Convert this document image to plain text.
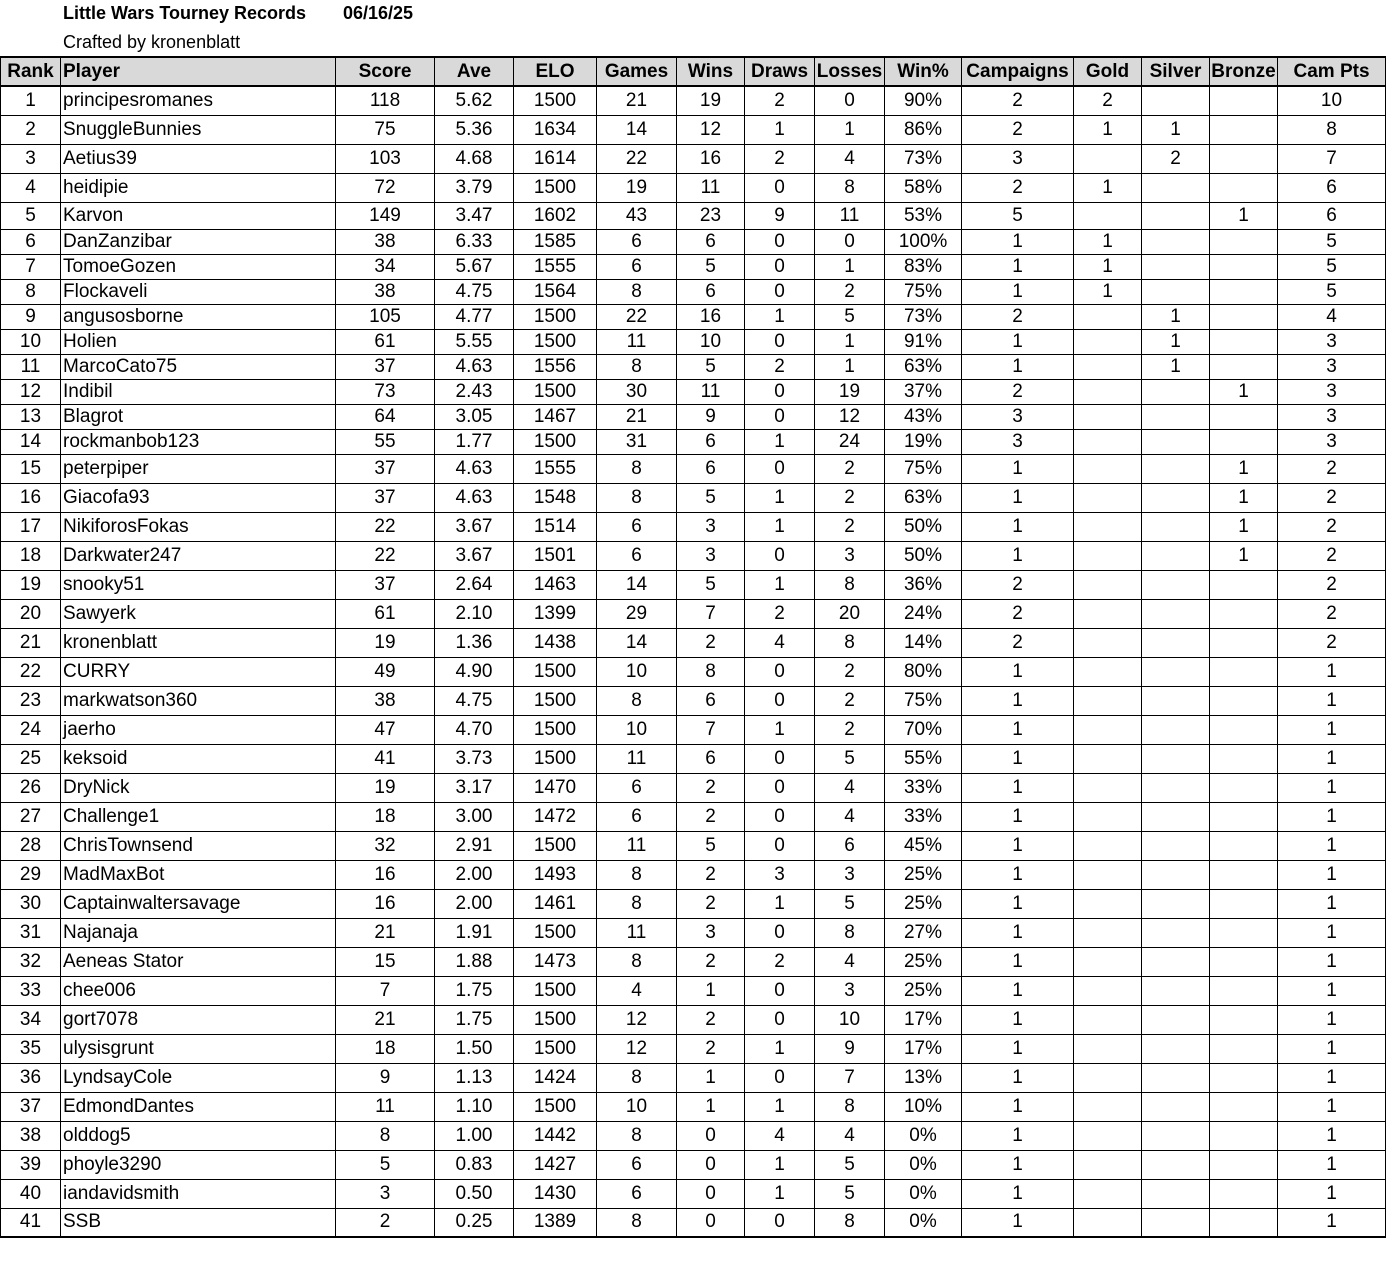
Little Wars Tourney Records 06/16/25
Crafted by kronenblatt
Rank	Player	Score	Ave	ELO	Games	Wins	Draws	Losses	Win%	Campaigns	Gold	Silver	Bronze	Cam Pts
1	principesromanes	118	5.62	1500	21	19	2	0	90%	2	2			10
2	SnuggleBunnies	75	5.36	1634	14	12	1	1	86%	2	1	1		8
3	Aetius39	103	4.68	1614	22	16	2	4	73%	3		2		7
4	heidipie	72	3.79	1500	19	11	0	8	58%	2	1			6
5	Karvon	149	3.47	1602	43	23	9	11	53%	5			1	6
6	DanZanzibar	38	6.33	1585	6	6	0	0	100%	1	1			5
7	TomoeGozen	34	5.67	1555	6	5	0	1	83%	1	1			5
8	Flockaveli	38	4.75	1564	8	6	0	2	75%	1	1			5
9	angusosborne	105	4.77	1500	22	16	1	5	73%	2		1		4
10	Holien	61	5.55	1500	11	10	0	1	91%	1		1		3
11	MarcoCato75	37	4.63	1556	8	5	2	1	63%	1		1		3
12	Indibil	73	2.43	1500	30	11	0	19	37%	2			1	3
13	Blagrot	64	3.05	1467	21	9	0	12	43%	3				3
14	rockmanbob123	55	1.77	1500	31	6	1	24	19%	3				3
15	peterpiper	37	4.63	1555	8	6	0	2	75%	1			1	2
16	Giacofa93	37	4.63	1548	8	5	1	2	63%	1			1	2
17	NikiforosFokas	22	3.67	1514	6	3	1	2	50%	1			1	2
18	Darkwater247	22	3.67	1501	6	3	0	3	50%	1			1	2
19	snooky51	37	2.64	1463	14	5	1	8	36%	2				2
20	Sawyerk	61	2.10	1399	29	7	2	20	24%	2				2
21	kronenblatt	19	1.36	1438	14	2	4	8	14%	2				2
22	CURRY	49	4.90	1500	10	8	0	2	80%	1				1
23	markwatson360	38	4.75	1500	8	6	0	2	75%	1				1
24	jaerho	47	4.70	1500	10	7	1	2	70%	1				1
25	keksoid	41	3.73	1500	11	6	0	5	55%	1				1
26	DryNick	19	3.17	1470	6	2	0	4	33%	1				1
27	Challenge1	18	3.00	1472	6	2	0	4	33%	1				1
28	ChrisTownsend	32	2.91	1500	11	5	0	6	45%	1				1
29	MadMaxBot	16	2.00	1493	8	2	3	3	25%	1				1
30	Captainwaltersavage	16	2.00	1461	8	2	1	5	25%	1				1
31	Najanaja	21	1.91	1500	11	3	0	8	27%	1				1
32	Aeneas Stator	15	1.88	1473	8	2	2	4	25%	1				1
33	chee006	7	1.75	1500	4	1	0	3	25%	1				1
34	gort7078	21	1.75	1500	12	2	0	10	17%	1				1
35	ulysisgrunt	18	1.50	1500	12	2	1	9	17%	1				1
36	LyndsayCole	9	1.13	1424	8	1	0	7	13%	1				1
37	EdmondDantes	11	1.10	1500	10	1	1	8	10%	1				1
38	olddog5	8	1.00	1442	8	0	4	4	0%	1				1
39	phoyle3290	5	0.83	1427	6	0	1	5	0%	1				1
40	iandavidsmith	3	0.50	1430	6	0	1	5	0%	1				1
41	SSB	2	0.25	1389	8	0	0	8	0%	1				1
